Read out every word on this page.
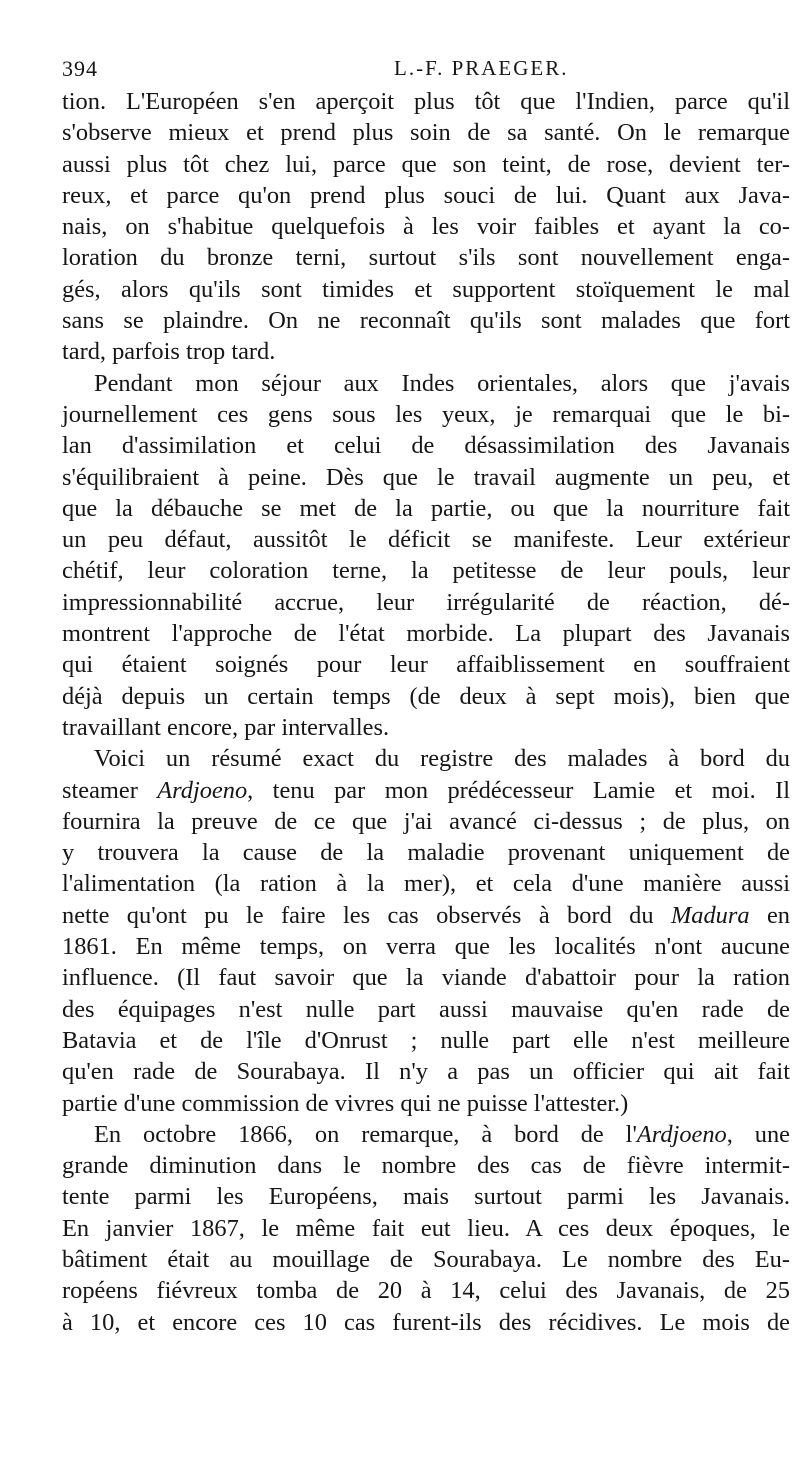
394	L.-F. PRAEGER.
tion. L'Européen s'en aperçoit plus tôt que l'Indien, parce qu'il
s'observe mieux et prend plus soin de sa santé. On le remarque
aussi plus tôt chez lui, parce que son teint, de rose, devient ter-
reux, et parce qu'on prend plus souci de lui. Quant aux Java-
nais, on s'habitue quelquefois à les voir faibles et ayant la co-
loration du bronze terni, surtout s'ils sont nouvellement enga-
gés, alors qu'ils sont timides et supportent stoïquement le mal
sans se plaindre. On ne reconnaît qu'ils sont malades que fort
tard, parfois trop tard.
Pendant mon séjour aux Indes orientales, alors que j'avais
journellement ces gens sous les yeux, je remarquai que le bi-
lan d'assimilation et celui de désassimilation des Javanais
s'équilibraient à peine. Dès que le travail augmente un peu, et
que la débauche se met de la partie, ou que la nourriture fait
un peu défaut, aussitôt le déficit se manifeste. Leur extérieur
chétif, leur coloration terne, la petitesse de leur pouls, leur
impressionnabilité accrue, leur irrégularité de réaction, dé-
montrent l'approche de l'état morbide. La plupart des Javanais
qui étaient soignés pour leur affaiblissement en souffraient
déjà depuis un certain temps (de deux à sept mois), bien que
travaillant encore, par intervalles.
Voici un résumé exact du registre des malades à bord du
steamer Ardjoeno, tenu par mon prédécesseur Lamie et moi. Il
fournira la preuve de ce que j'ai avancé ci-dessus ; de plus, on
y trouvera la cause de la maladie provenant uniquement de
l'alimentation (la ration à la mer), et cela d'une manière aussi
nette qu'ont pu le faire les cas observés à bord du Madura en
1861. En même temps, on verra que les localités n'ont aucune
influence. (Il faut savoir que la viande d'abattoir pour la ration
des équipages n'est nulle part aussi mauvaise qu'en rade de
Batavia et de l'île d'Onrust ; nulle part elle n'est meilleure
qu'en rade de Sourabaya. Il n'y a pas un officier qui ait fait
partie d'une commission de vivres qui ne puisse l'attester.)
En octobre 1866, on remarque, à bord de l'Ardjoeno, une
grande diminution dans le nombre des cas de fièvre intermit-
tente parmi les Européens, mais surtout parmi les Javanais.
En janvier 1867, le même fait eut lieu. A ces deux époques, le
bâtiment était au mouillage de Sourabaya. Le nombre des Eu-
ropéens fiévreux tomba de 20 à 14, celui des Javanais, de 25
à 10, et encore ces 10 cas furent-ils des récidives. Le mois de
